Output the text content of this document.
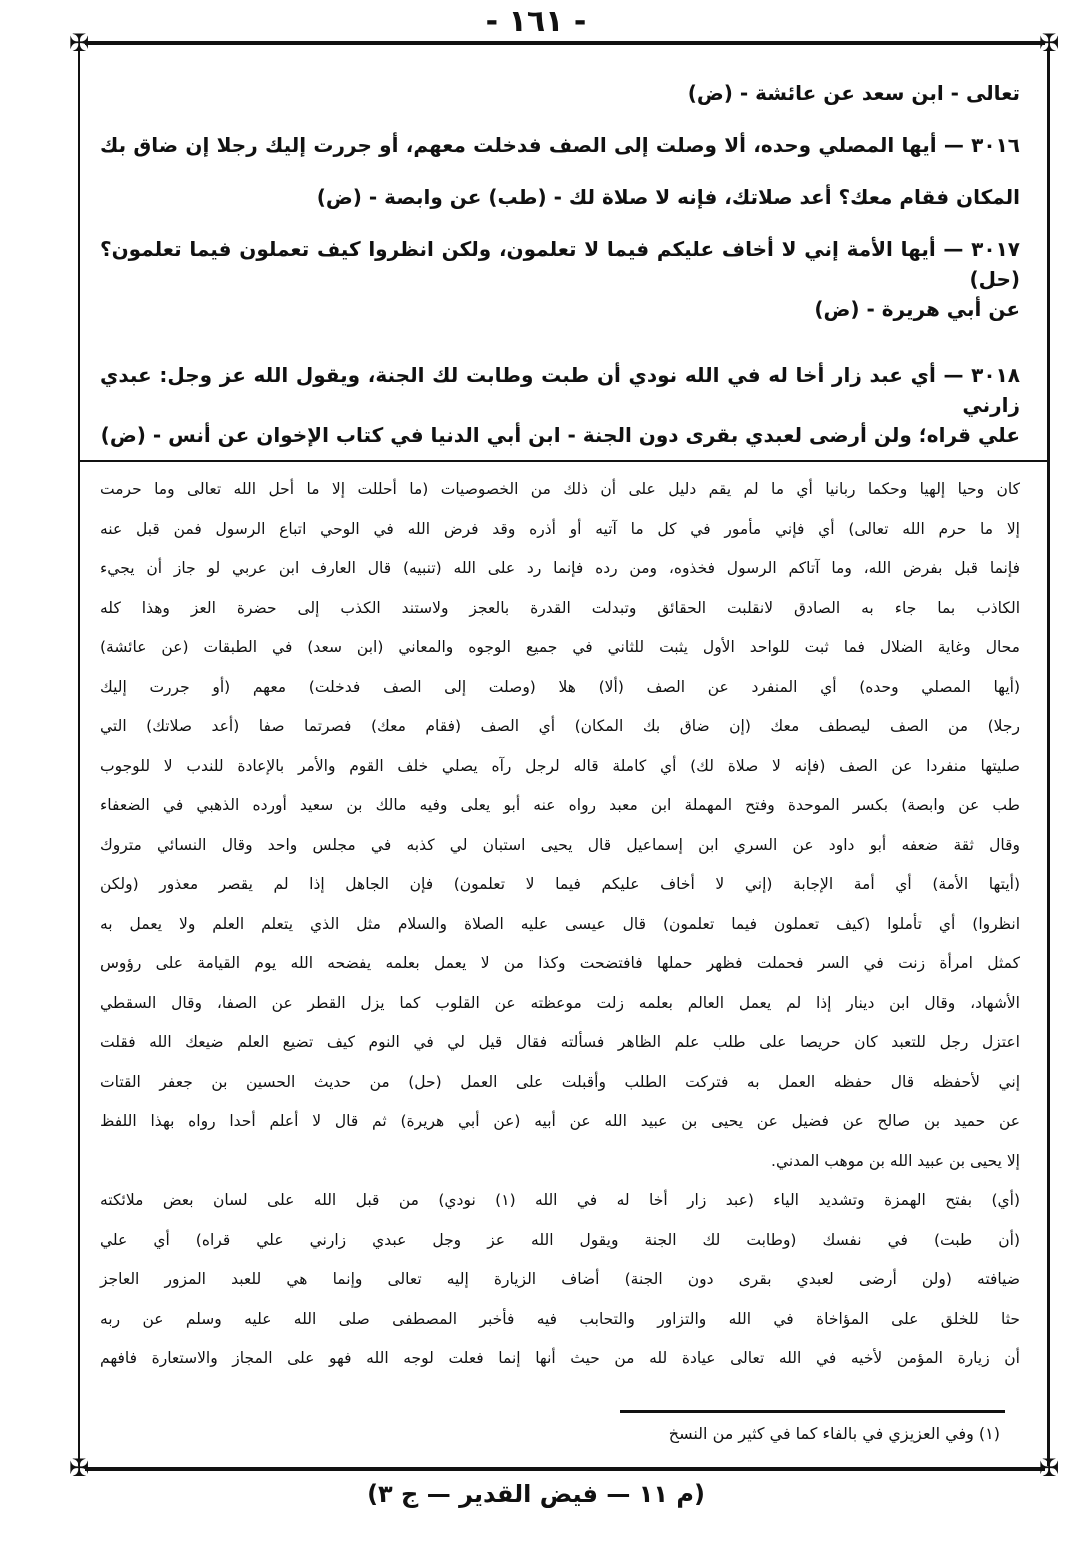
- ١٦١ -
✠	✠
✠	✠
تعالى - ابن سعد عن عائشة - (ض)
٣٠١٦ — أيها المصلي وحده، ألا وصلت إلى الصف فدخلت معهم، أو جررت إليك رجلا إن ضاق بك
المكان فقام معك؟ أعد صلاتك، فإنه لا صلاة لك - (طب) عن وابصة - (ض)
٣٠١٧ — أيها الأمة إني لا أخاف عليكم فيما لا تعلمون، ولكن انظروا كيف تعملون فيما تعلمون؟ (حل)
عن أبي هريرة - (ض)
٣٠١٨ — أي عبد زار أخا له في الله نودي أن طبت وطابت لك الجنة، ويقول الله عز وجل: عبدي زارني
علي قراه؛ ولن أرضى لعبدي بقرى دون الجنة - ابن أبي الدنيا في كتاب الإخوان عن أنس - (ض)
كان وحيا إلهيا وحكما ربانيا أي ما لم يقم دليل على أن ذلك من الخصوصيات (ما أحللت إلا ما أحل الله تعالى وما حرمت
إلا ما حرم الله تعالى) أي فإني مأمور في كل ما آتيه أو أذره وقد فرض الله في الوحي اتباع الرسول فمن قبل عنه
فإنما قبل بفرض الله، وما آتاكم الرسول فخذوه، ومن رده فإنما رد على الله (تنبيه) قال العارف ابن عربي لو جاز أن يجيء
الكاذب بما جاء به الصادق لانقلبت الحقائق وتبدلت القدرة بالعجز ولاستند الكذب إلى حضرة العز وهذا كله
محال وغاية الضلال فما ثبت للواحد الأول يثبت للثاني في جميع الوجوه والمعاني (ابن سعد) في الطبقات (عن عائشة)
(أيها المصلي وحده) أي المنفرد عن الصف (ألا) هلا (وصلت إلى الصف فدخلت) معهم (أو جررت إليك
رجلا) من الصف ليصطف معك (إن ضاق بك المكان) أي الصف (فقام معك) فصرتما صفا (أعد صلاتك) التي
صليتها منفردا عن الصف (فإنه لا صلاة لك) أي كاملة قاله لرجل رآه يصلي خلف القوم والأمر بالإعادة للندب لا للوجوب
طب عن وابصة) بكسر الموحدة وفتح المهملة ابن معبد رواه عنه أبو يعلى وفيه مالك بن سعيد أورده الذهبي في الضعفاء
وقال ثقة ضعفه أبو داود عن السري ابن إسماعيل قال يحيى استبان لي كذبه في مجلس واحد وقال النسائي متروك
(أيتها الأمة) أي أمة الإجابة (إني لا أخاف عليكم فيما لا تعلمون) فإن الجاهل إذا لم يقصر معذور (ولكن
انظروا) أي تأملوا (كيف تعملون فيما تعلمون) قال عيسى عليه الصلاة والسلام مثل الذي يتعلم العلم ولا يعمل به
كمثل امرأة زنت في السر فحملت فظهر حملها فافتضحت وكذا من لا يعمل بعلمه يفضحه الله يوم القيامة على رؤوس
الأشهاد، وقال ابن دينار إذا لم يعمل العالم بعلمه زلت موعظته عن القلوب كما يزل القطر عن الصفا، وقال السقطي
اعتزل رجل للتعبد كان حريصا على طلب علم الظاهر فسألته فقال قيل لي في النوم كيف تضيع العلم ضيعك الله فقلت
إني لأحفظه قال حفظه العمل به فتركت الطلب وأقبلت على العمل (حل) من حديث الحسين بن جعفر القتات
عن حميد بن صالح عن فضيل عن يحيى بن عبيد الله عن أبيه (عن أبي هريرة) ثم قال لا أعلم أحدا رواه بهذا اللفظ
إلا يحيى بن عبيد الله بن موهب المدني.
(أي) بفتح الهمزة وتشديد الياء (عبد زار أخا له في الله (١) نودي) من قبل الله على لسان بعض ملائكته
(أن طبت) في نفسك (وطابت لك الجنة ويقول الله عز وجل عبدي زارني علي قراه) أي علي
ضيافته (ولن أرضى لعبدي بقرى دون الجنة) أضاف الزيارة إليه تعالى وإنما هي للعبد المزور العاجز
حثا للخلق على المؤاخاة في الله والتزاور والتحابب فيه فأخبر المصطفى صلى الله عليه وسلم عن ربه
أن زيارة المؤمن لأخيه في الله تعالى عيادة لله من حيث أنها إنما فعلت لوجه الله فهو على المجاز والاستعارة فافهم
(١) وفي العزيزي في بالفاء كما في كثير من النسخ
(م ١١ — فيض القدير — ج ٣)
